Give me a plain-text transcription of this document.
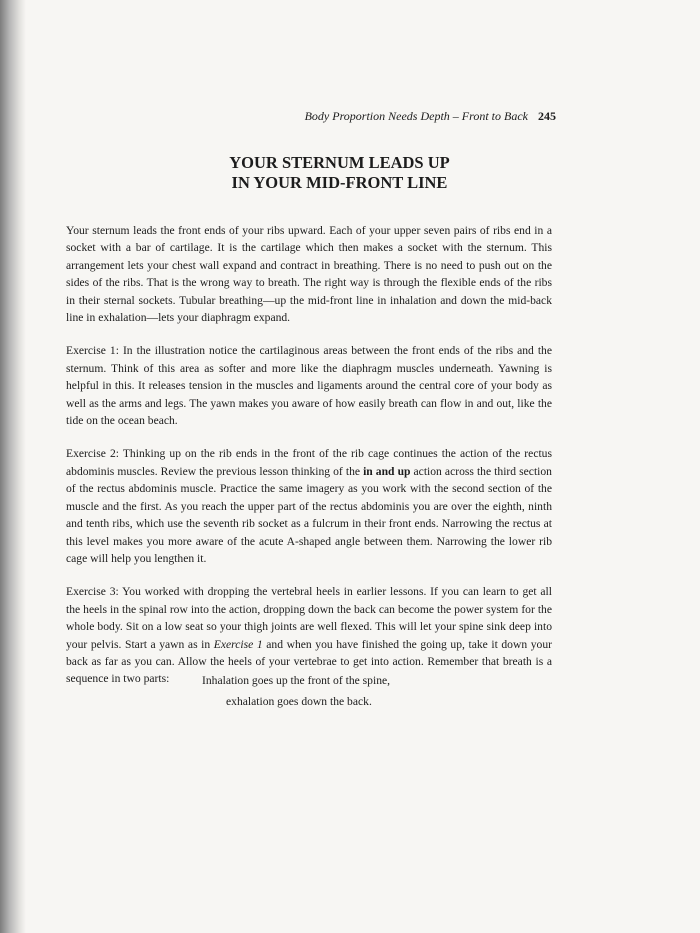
Body Proportion Needs Depth – Front to Back 245
YOUR STERNUM LEADS UP
IN YOUR MID-FRONT LINE

Your sternum leads the front ends of your ribs upward. Each of your upper seven pairs of ribs end in a socket with a bar of cartilage. It is the cartilage which then makes a socket with the sternum. This arrangement lets your chest wall expand and contract in breathing. There is no need to push out on the sides of the ribs. That is the wrong way to breath. The right way is through the flexible ends of the ribs in their sternal sockets. Tubular breathing—up the mid-front line in inhalation and down the mid-back line in exhalation—lets your diaphragm expand.

Exercise 1: In the illustration notice the cartilaginous areas between the front ends of the ribs and the sternum. Think of this area as softer and more like the diaphragm muscles underneath. Yawning is helpful in this. It releases tension in the muscles and ligaments around the central core of your body as well as the arms and legs. The yawn makes you aware of how easily breath can flow in and out, like the tide on the ocean beach.

Exercise 2: Thinking up on the rib ends in the front of the rib cage continues the action of the rectus abdominis muscles. Review the previous lesson thinking of the in and up action across the third section of the rectus abdominis muscle. Practice the same imagery as you work with the second section of the muscle and the first. As you reach the upper part of the rectus abdominis you are over the eighth, ninth and tenth ribs, which use the seventh rib socket as a fulcrum in their front ends. Narrowing the rectus at this level makes you more aware of the acute A-shaped angle between them. Narrowing the lower rib cage will help you lengthen it.

Exercise 3: You worked with dropping the vertebral heels in earlier lessons. If you can learn to get all the heels in the spinal row into the action, dropping down the back can become the power system for the whole body. Sit on a low seat so your thigh joints are well flexed. This will let your spine sink deep into your pelvis. Start a yawn as in Exercise 1 and when you have finished the going up, take it down your back as far as you can. Allow the heels of your vertebrae to get into action. Remember that breath is a sequence in two parts:	Inhalation goes up the front of the spine,
exhalation goes down the back.
